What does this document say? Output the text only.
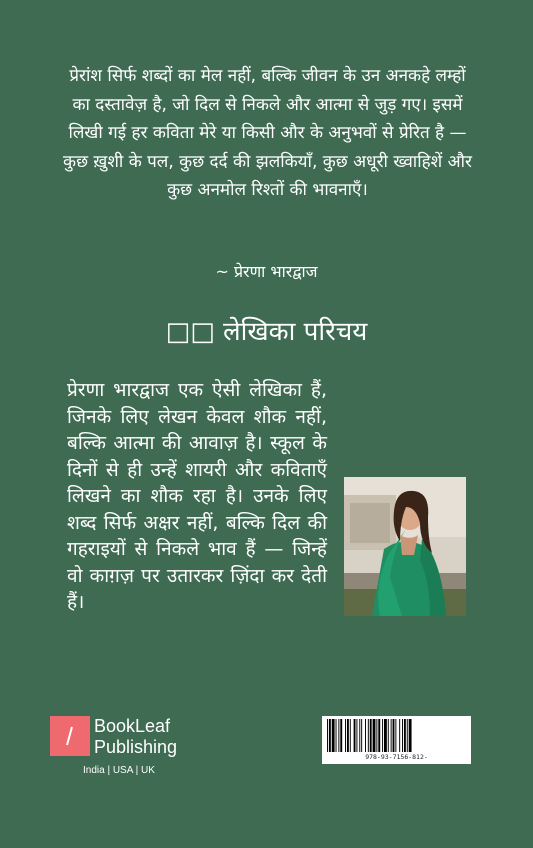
प्रेरांश सिर्फ शब्दों का मेल नहीं, बल्कि जीवन के उन अनकहे लम्हों का दस्तावेज़ है, जो दिल से निकले और आत्मा से जुड़ गए। इसमें लिखी गई हर कविता मेरे या किसी और के अनुभवों से प्रेरित है — कुछ ख़ुशी के पल, कुछ दर्द की झलकियाँ, कुछ अधूरी ख्वाहिशें और कुछ अनमोल रिश्तों की भावनाएँ।

~ प्रेरणा भारद्वाज
□□ लेखिका परिचय

प्रेरणा भारद्वाज एक ऐसी लेखिका हैं, जिनके लिए लेखन केवल शौक नहीं, बल्कि आत्मा की आवाज़ है। स्कूल के दिनों से ही उन्हें शायरी और कविताएँ लिखने का शौक रहा है। उनके लिए शब्द सिर्फ अक्षर नहीं, बल्कि दिल की गहराइयों से निकले भाव हैं — जिन्हें वो काग़ज़ पर उतारकर ज़िंदा कर देती हैं।

BookLeaf
Publishing
India | USA | UK
978-93-7156-812-
